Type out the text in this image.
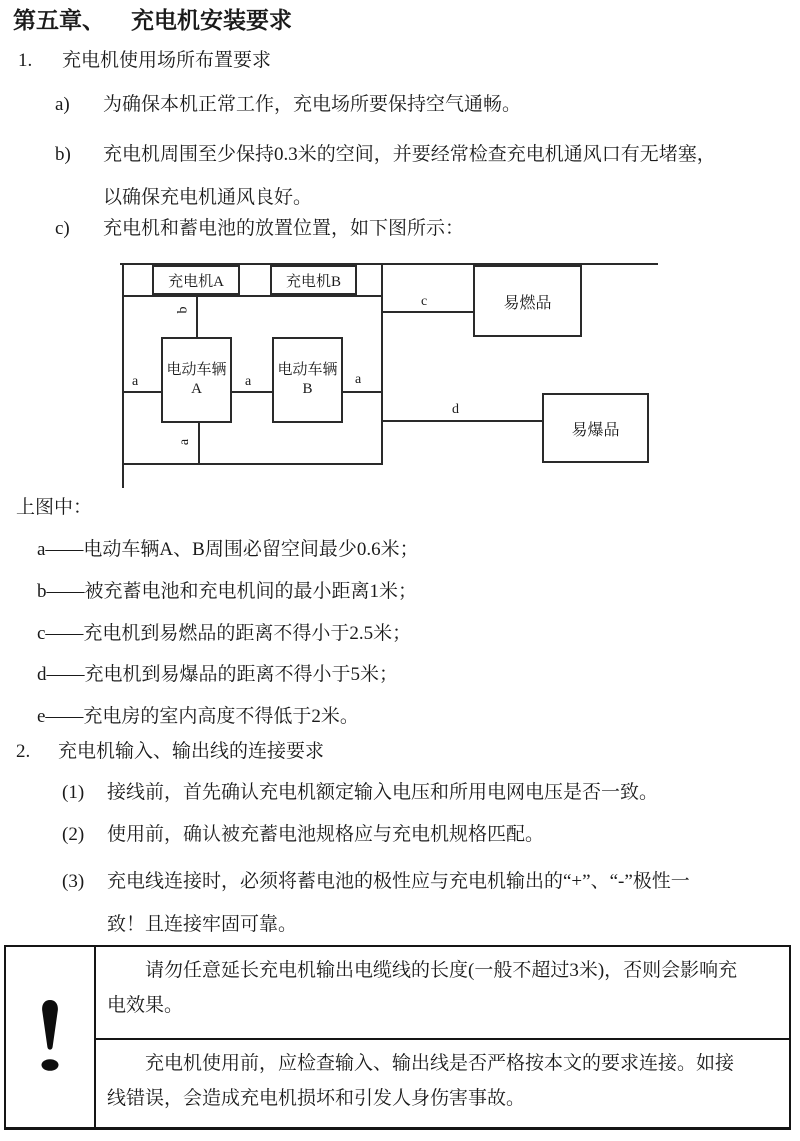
第五章、 充电机安装要求
1. 充电机使用场所布置要求
a) 为确保本机正常工作，充电场所要保持空气通畅。
b) 充电机周围至少保持0.3米的空间，并要经常检查充电机通风口有无堵塞，以确保充电机通风良好。
c) 充电机和蓄电池的放置位置，如下图所示：
充电机A	充电机B
电动车辆
A
电动车辆
B
易燃品
易爆品
b
a	a	a
a
c
d
上图中：
a——电动车辆A、B周围必留空间最少0.6米；
b——被充蓄电池和充电机间的最小距离1米；
c——充电机到易燃品的距离不得小于2.5米；
d——充电机到易爆品的距离不得小于5米；
e——充电房的室内高度不得低于2米。
2. 充电机输入、输出线的连接要求
(1) 接线前，首先确认充电机额定输入电压和所用电网电压是否一致。
(2) 使用前，确认被充蓄电池规格应与充电机规格匹配。
(3) 充电线连接时，必须将蓄电池的极性应与充电机输出的“+”、“-”极性一致！且连接牢固可靠。
请勿任意延长充电机输出电缆线的长度(一般不超过3米)，否则会影响充电效果。
充电机使用前，应检查输入、输出线是否严格按本文的要求连接。如接线错误，会造成充电机损坏和引发人身伤害事故。
